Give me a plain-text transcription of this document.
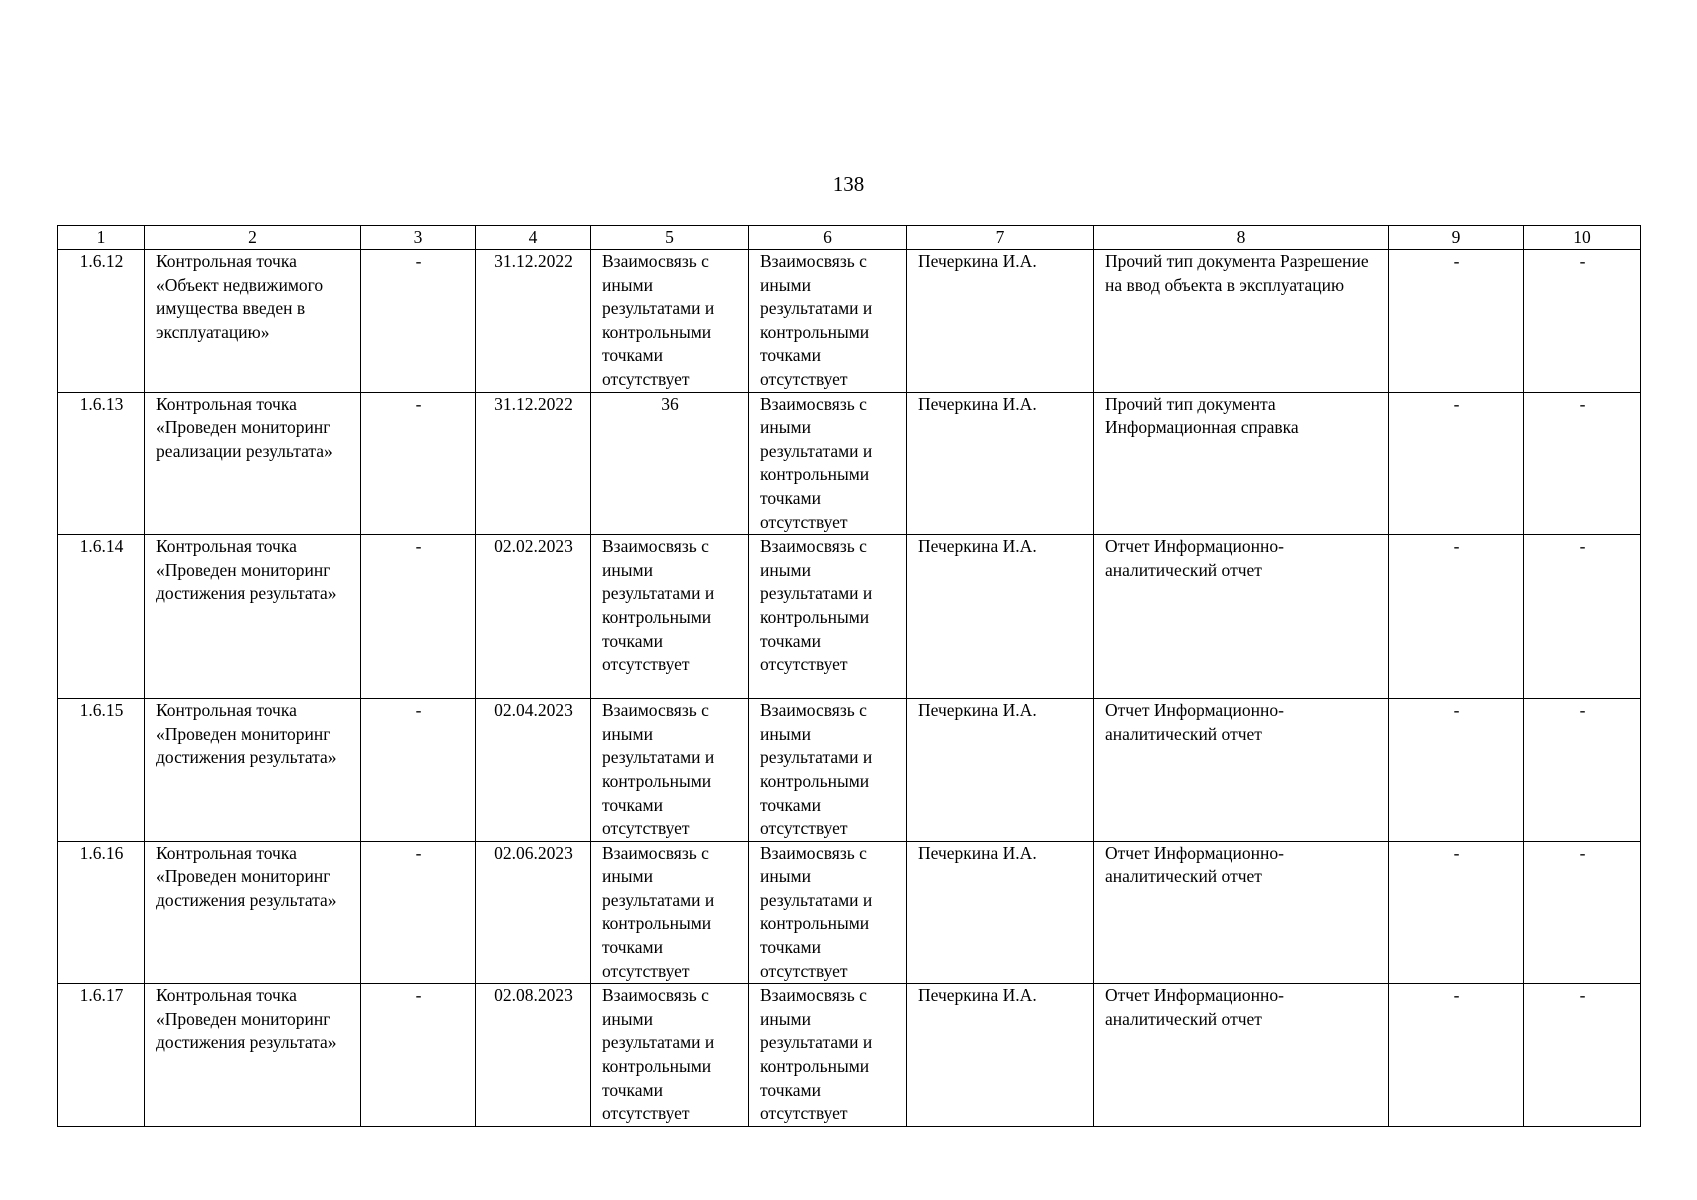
138
1	2	3	4	5	6	7	8	9	10
1.6.12	Контрольная точка «Объект недвижимого имущества введен в эксплуатацию»	-	31.12.2022	Взаимосвязь с иными результатами и контрольными точками отсутствует	Взаимосвязь с иными результатами и контрольными точками отсутствует	Печеркина И.А.	Прочий тип документа Разрешение на ввод объекта в эксплуатацию	-	-
1.6.13	Контрольная точка «Проведен мониторинг реализации результата»	-	31.12.2022	36	Взаимосвязь с иными результатами и контрольными точками отсутствует	Печеркина И.А.	Прочий тип документа Информационная справка	-	-
1.6.14	Контрольная точка «Проведен мониторинг достижения результата»	-	02.02.2023	Взаимосвязь с иными результатами и контрольными точками отсутствует	Взаимосвязь с иными результатами и контрольными точками отсутствует	Печеркина И.А.	Отчет Информационно-аналитический отчет	-	-
1.6.15	Контрольная точка «Проведен мониторинг достижения результата»	-	02.04.2023	Взаимосвязь с иными результатами и контрольными точками отсутствует	Взаимосвязь с иными результатами и контрольными точками отсутствует	Печеркина И.А.	Отчет Информационно-аналитический отчет	-	-
1.6.16	Контрольная точка «Проведен мониторинг достижения результата»	-	02.06.2023	Взаимосвязь с иными результатами и контрольными точками отсутствует	Взаимосвязь с иными результатами и контрольными точками отсутствует	Печеркина И.А.	Отчет Информационно-аналитический отчет	-	-
1.6.17	Контрольная точка «Проведен мониторинг достижения результата»	-	02.08.2023	Взаимосвязь с иными результатами и контрольными точками отсутствует	Взаимосвязь с иными результатами и контрольными точками отсутствует	Печеркина И.А.	Отчет Информационно-аналитический отчет	-	-
